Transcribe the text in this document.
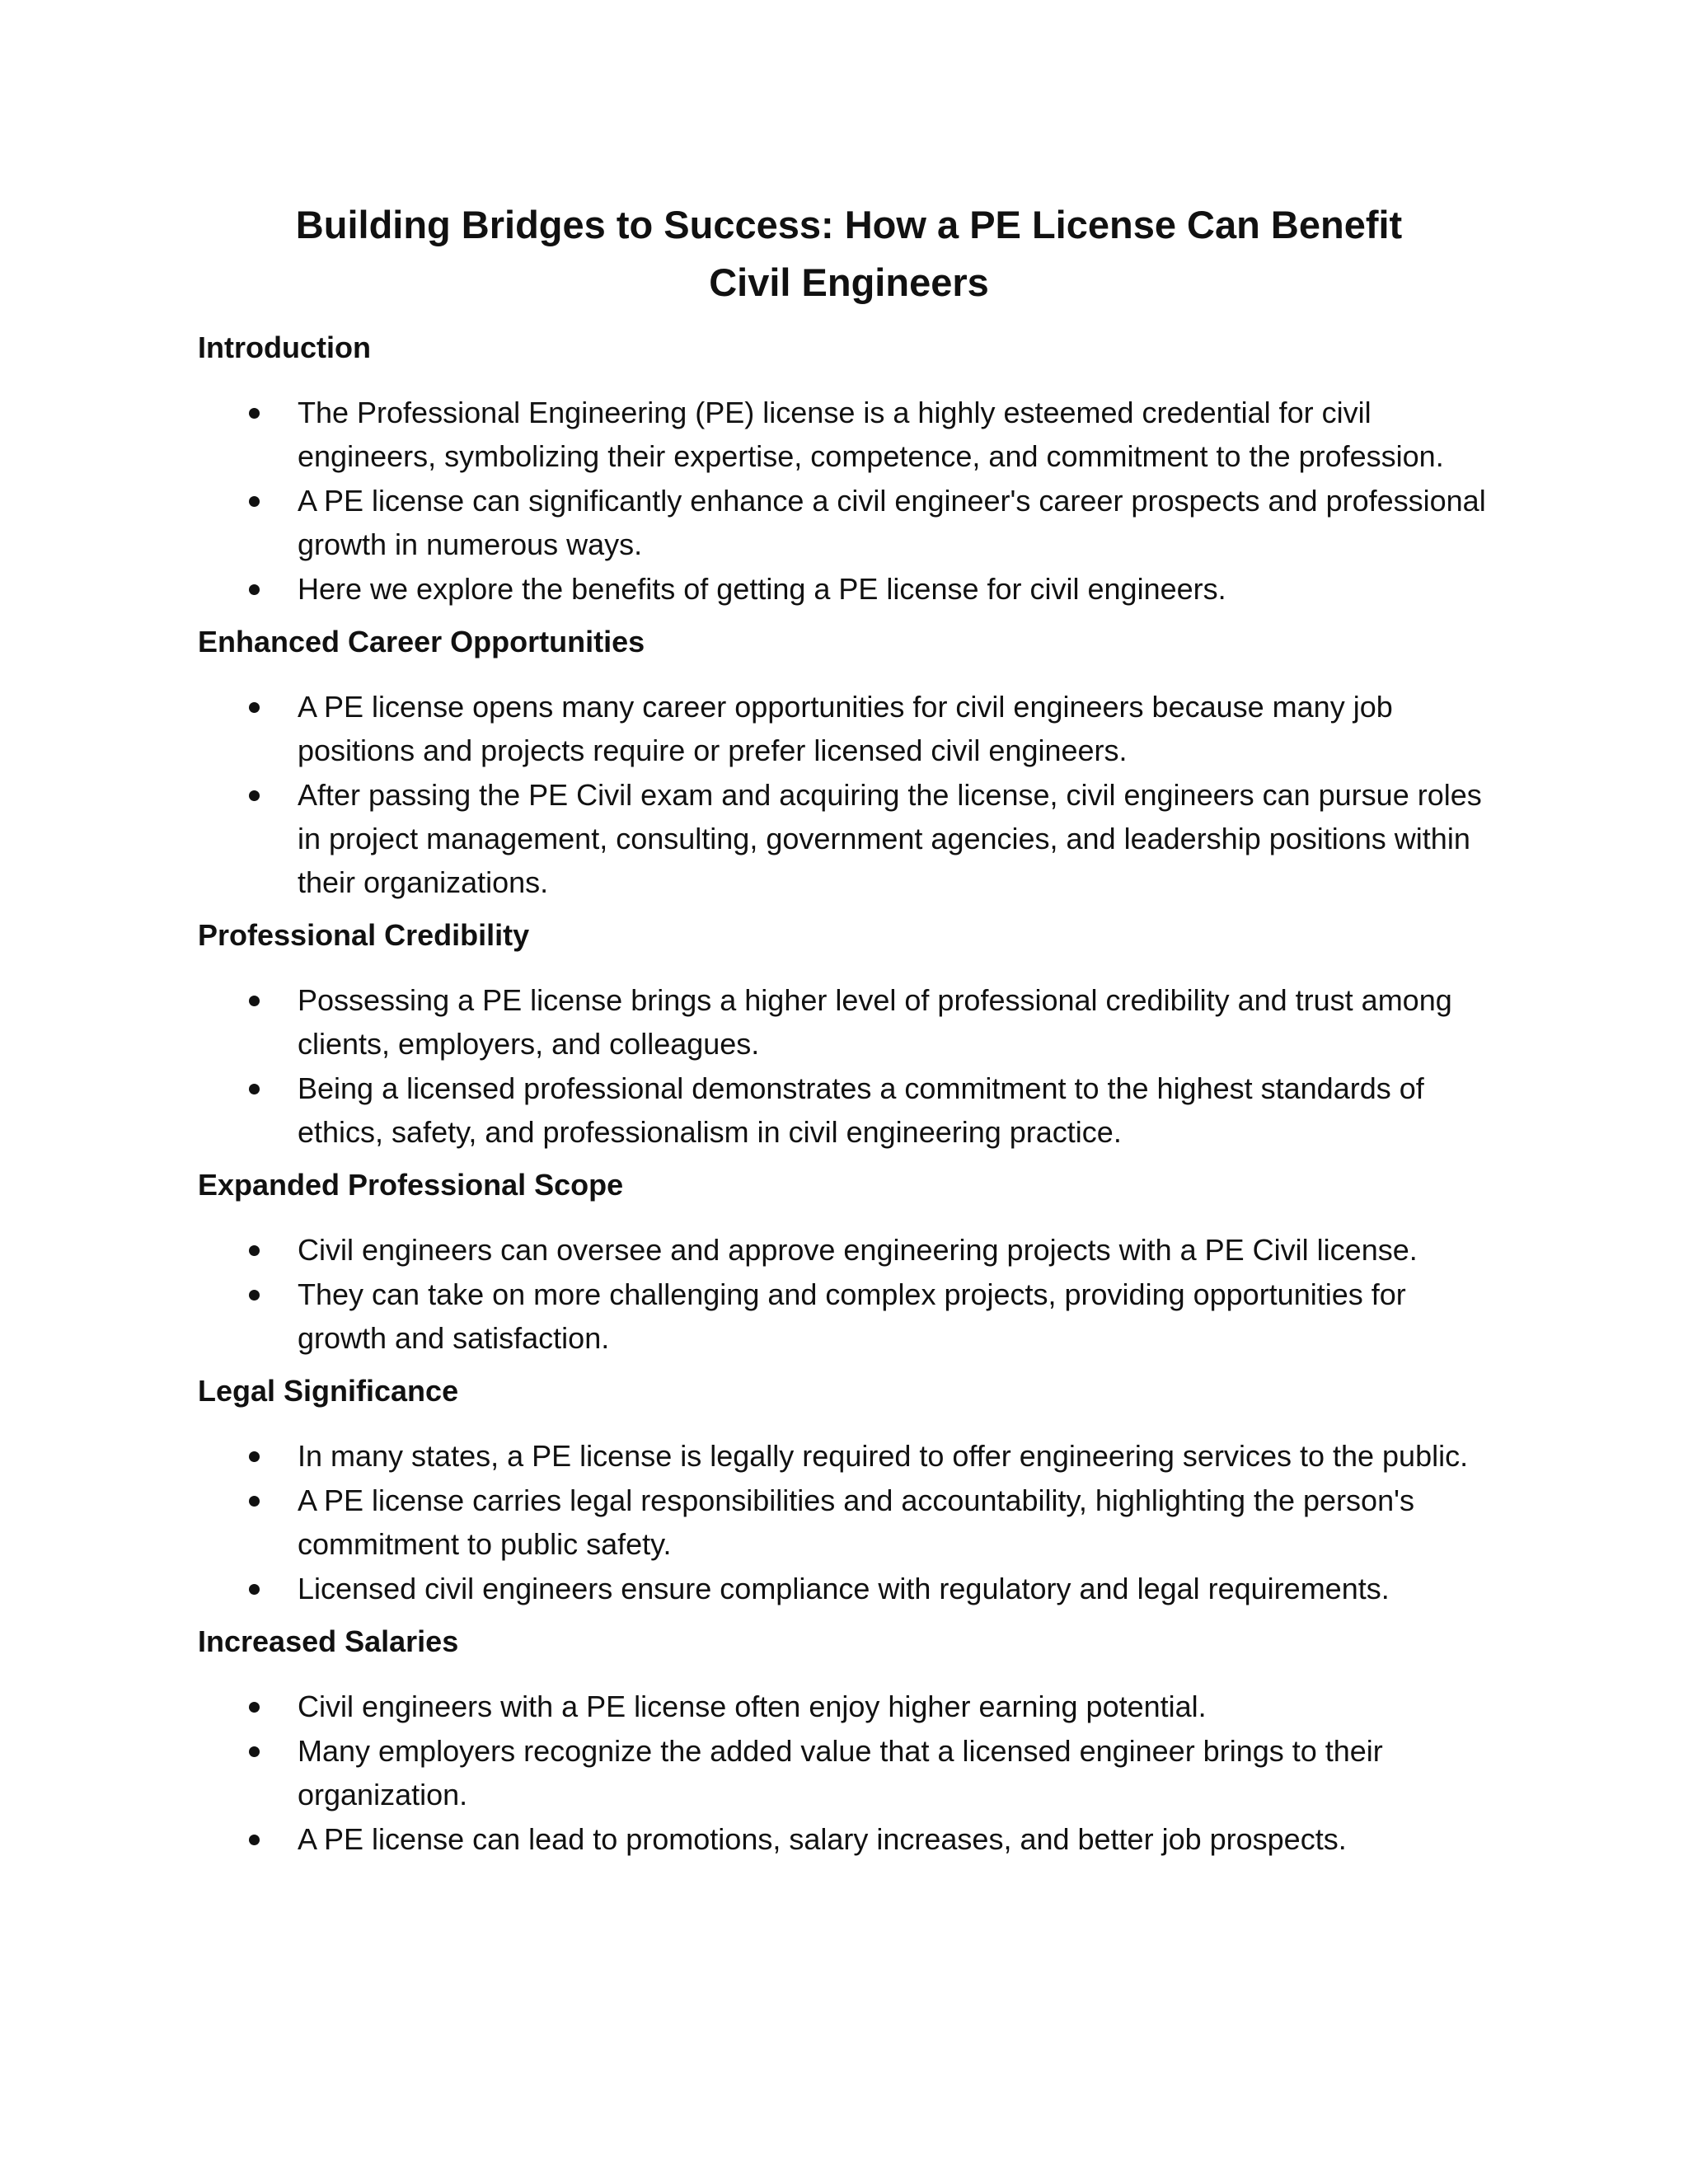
Building Bridges to Success: How a PE License Can Benefit Civil Engineers
Introduction
The Professional Engineering (PE) license is a highly esteemed credential for civil engineers, symbolizing their expertise, competence, and commitment to the profession.
A PE license can significantly enhance a civil engineer's career prospects and professional growth in numerous ways.
Here we explore the benefits of getting a PE license for civil engineers.
Enhanced Career Opportunities
A PE license opens many career opportunities for civil engineers because many job positions and projects require or prefer licensed civil engineers.
After passing the PE Civil exam and acquiring the license, civil engineers can pursue roles in project management, consulting, government agencies, and leadership positions within their organizations.
Professional Credibility
Possessing a PE license brings a higher level of professional credibility and trust among clients, employers, and colleagues.
Being a licensed professional demonstrates a commitment to the highest standards of ethics, safety, and professionalism in civil engineering practice.
Expanded Professional Scope
Civil engineers can oversee and approve engineering projects with a PE Civil license.
They can take on more challenging and complex projects, providing opportunities for growth and satisfaction.
Legal Significance
In many states, a PE license is legally required to offer engineering services to the public.
A PE license carries legal responsibilities and accountability, highlighting the person's commitment to public safety.
Licensed civil engineers ensure compliance with regulatory and legal requirements.
Increased Salaries
Civil engineers with a PE license often enjoy higher earning potential.
Many employers recognize the added value that a licensed engineer brings to their organization.
A PE license can lead to promotions, salary increases, and better job prospects.
